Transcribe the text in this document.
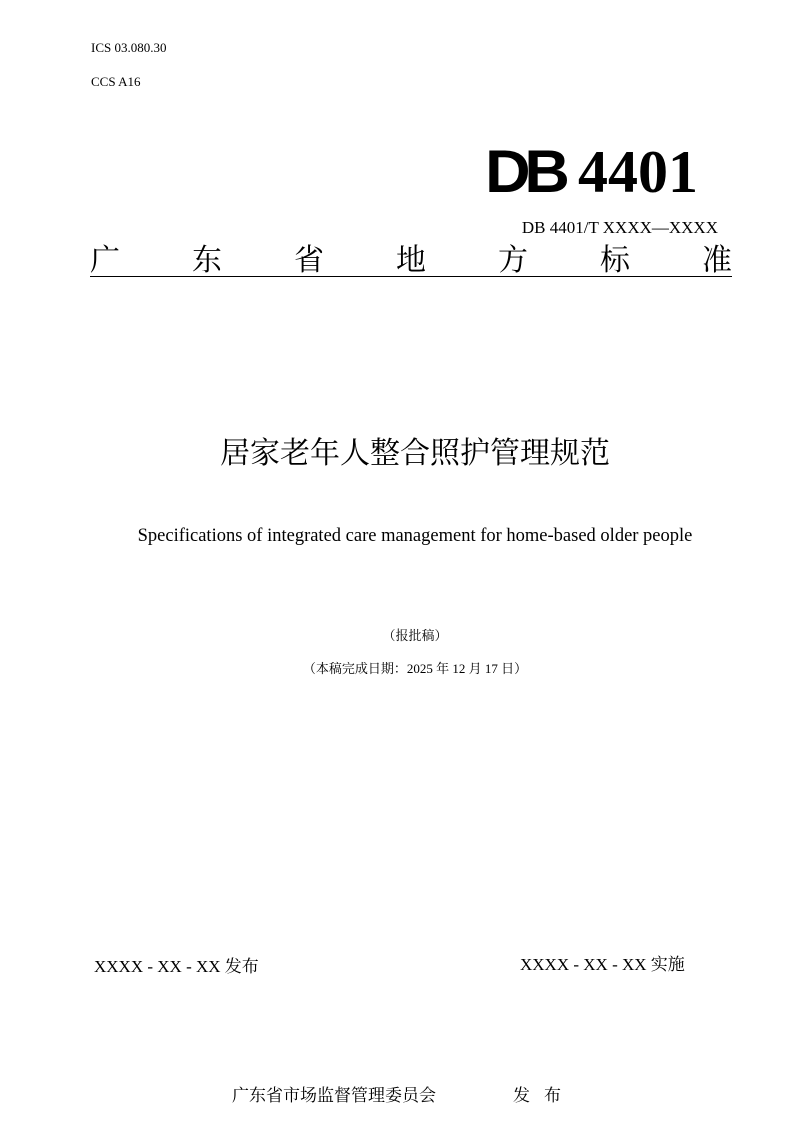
ICS 03.080.30
CCS A16
DB 4401
DB 4401/T XXXX—XXXX
广 东 省 地 方 标 准
居家老年人整合照护管理规范
Specifications of integrated care management for home-based older people
（报批稿）
（本稿完成日期：2025 年 12 月 17 日）
XXXX - XX - XX 发布	XXXX - XX - XX 实施
广东省市场监督管理委员会	发布
